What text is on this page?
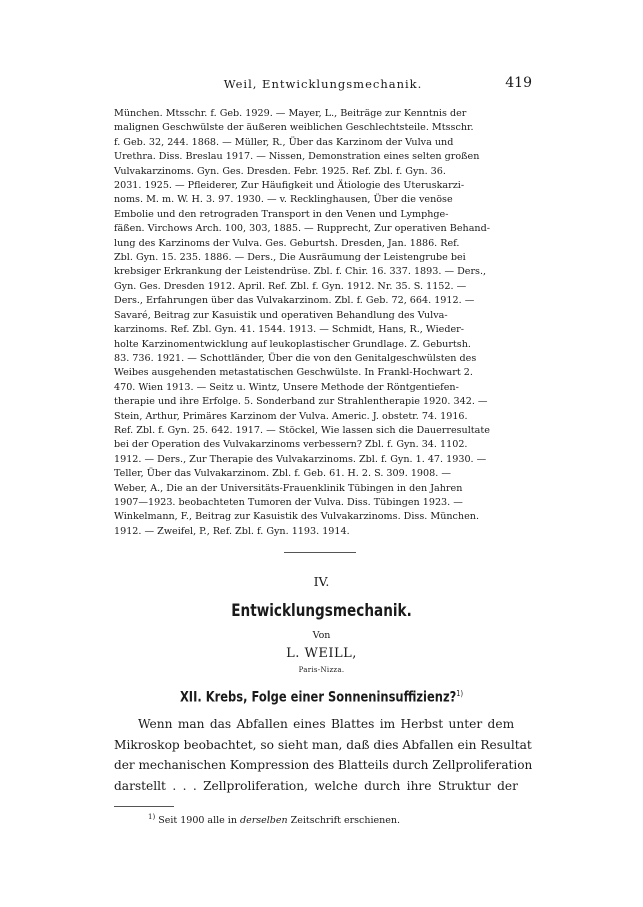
Weil, Entwicklungsmechanik.	419
München. Mtsschr. f. Geb. 1929. — Mayer, L., Beiträge zur Kenntnis der
malignen Geschwülste der äußeren weiblichen Geschlechtsteile. Mtsschr.
f. Geb. 32, 244. 1868. — Müller, R., Über das Karzinom der Vulva und
Urethra. Diss. Breslau 1917. — Nissen, Demonstration eines selten großen
Vulvakarzinoms. Gyn. Ges. Dresden. Febr. 1925. Ref. Zbl. f. Gyn. 36.
2031. 1925. — Pfleiderer, Zur Häufigkeit und Ätiologie des Uteruskarzi-
noms. M. m. W. H. 3. 97. 1930. — v. Recklinghausen, Über die venöse
Embolie und den retrograden Transport in den Venen und Lymphge-
fäßen. Virchows Arch. 100, 303, 1885. — Rupprecht, Zur operativen Behand-
lung des Karzinoms der Vulva. Ges. Geburtsh. Dresden, Jan. 1886. Ref.
Zbl. Gyn. 15. 235. 1886. — Ders., Die Ausräumung der Leistengrube bei
krebsiger Erkrankung der Leistendrüse. Zbl. f. Chir. 16. 337. 1893. — Ders.,
Gyn. Ges. Dresden 1912. April. Ref. Zbl. f. Gyn. 1912. Nr. 35. S. 1152. —
Ders., Erfahrungen über das Vulvakarzinom. Zbl. f. Geb. 72, 664. 1912. —
Savaré, Beitrag zur Kasuistik und operativen Behandlung des Vulva-
karzinoms. Ref. Zbl. Gyn. 41. 1544. 1913. — Schmidt, Hans, R., Wieder-
holte Karzinomentwicklung auf leukoplastischer Grundlage. Z. Geburtsh.
83. 736. 1921. — Schottländer, Über die von den Genitalgeschwülsten des
Weibes ausgehenden metastatischen Geschwülste. In Frankl-Hochwart 2.
470. Wien 1913. — Seitz u. Wintz, Unsere Methode der Röntgentiefen-
therapie und ihre Erfolge. 5. Sonderband zur Strahlentherapie 1920. 342. —
Stein, Arthur, Primäres Karzinom der Vulva. Americ. J. obstetr. 74. 1916.
Ref. Zbl. f. Gyn. 25. 642. 1917. — Stöckel, Wie lassen sich die Dauerresultate
bei der Operation des Vulvakarzinoms verbessern? Zbl. f. Gyn. 34. 1102.
1912. — Ders., Zur Therapie des Vulvakarzinoms. Zbl. f. Gyn. 1. 47. 1930. —
Teller, Über das Vulvakarzinom. Zbl. f. Geb. 61. H. 2. S. 309. 1908. —
Weber, A., Die an der Universitäts-Frauenklinik Tübingen in den Jahren
1907—1923. beobachteten Tumoren der Vulva. Diss. Tübingen 1923. —
Winkelmann, F., Beitrag zur Kasuistik des Vulvakarzinoms. Diss. München.
1912. — Zweifel, P., Ref. Zbl. f. Gyn. 1193. 1914.
IV.
Entwicklungsmechanik.
Von
L. WEILL,
Paris-Nizza.
XII. Krebs, Folge einer Sonneninsuffizienz?$^{1)}$
Wenn man das Abfallen eines Blattes im Herbst unter dem
Mikroskop beobachtet, so sieht man, daß dies Abfallen ein Resultat
der mechanischen Kompression des Blatteils durch Zellproliferation
darstellt . . . Zellproliferation, welche durch ihre Struktur der
$^{1)}$ Seit 1900 alle in derselben Zeitschrift erschienen.
